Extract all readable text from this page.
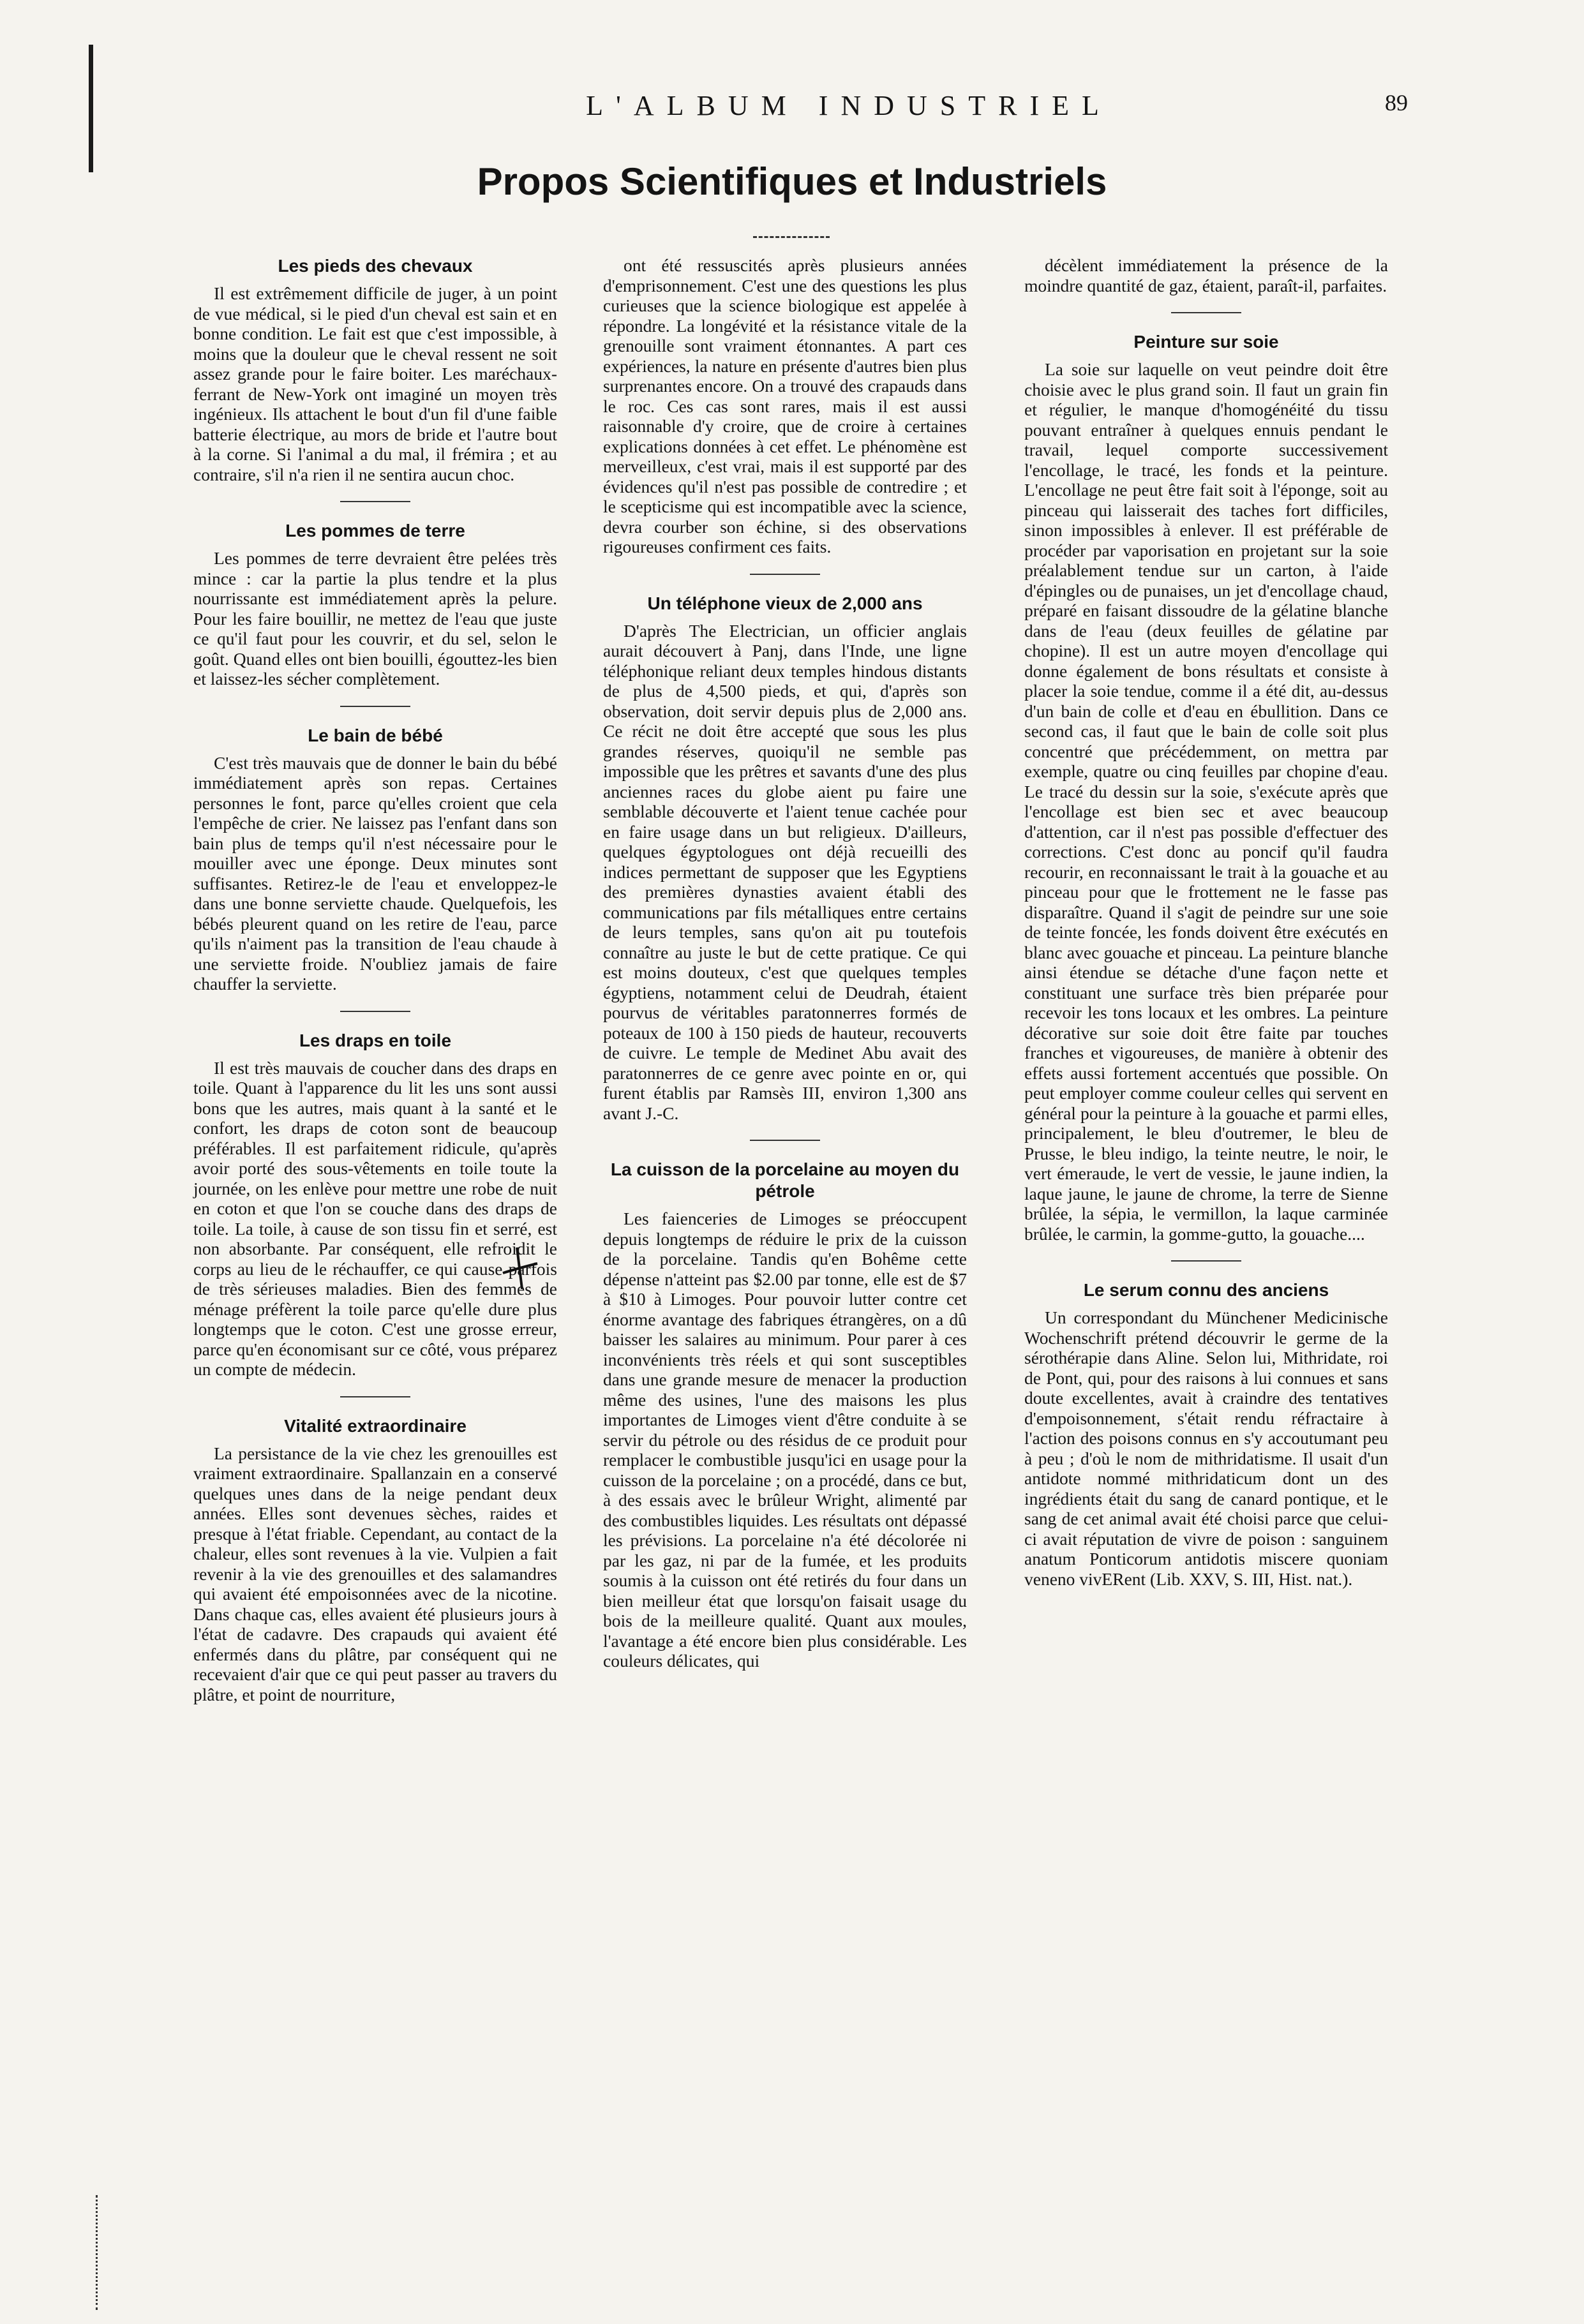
L'ALBUM INDUSTRIEL	89
Propos Scientifiques et Industriels
Les pieds des chevaux

Il est extrêmement difficile de juger, à un point de vue médical, si le pied d'un cheval est sain et en bonne condition. Le fait est que c'est impossible, à moins que la douleur que le cheval ressent ne soit assez grande pour le faire boiter. Les maréchaux-ferrant de New-York ont imaginé un moyen très ingénieux. Ils attachent le bout d'un fil d'une faible batterie électrique, au mors de bride et l'autre bout à la corne. Si l'animal a du mal, il frémira ; et au contraire, s'il n'a rien il ne sentira aucun choc.

Les pommes de terre

Les pommes de terre devraient être pelées très mince : car la partie la plus tendre et la plus nourrissante est immédiatement après la pelure. Pour les faire bouillir, ne mettez de l'eau que juste ce qu'il faut pour les couvrir, et du sel, selon le goût. Quand elles ont bien bouilli, égouttez-les bien et laissez-les sécher complètement.

Le bain de bébé

C'est très mauvais que de donner le bain du bébé immédiatement après son repas. Certaines personnes le font, parce qu'elles croient que cela l'empêche de crier. Ne laissez pas l'enfant dans son bain plus de temps qu'il n'est nécessaire pour le mouiller avec une éponge. Deux minutes sont suffisantes. Retirez-le de l'eau et enveloppez-le dans une bonne serviette chaude. Quelquefois, les bébés pleurent quand on les retire de l'eau, parce qu'ils n'aiment pas la transition de l'eau chaude à une serviette froide. N'oubliez jamais de faire chauffer la serviette.

Les draps en toile

Il est très mauvais de coucher dans des draps en toile. Quant à l'apparence du lit les uns sont aussi bons que les autres, mais quant à la santé et le confort, les draps de coton sont de beaucoup préférables. Il est parfaitement ridicule, qu'après avoir porté des sous-vêtements en toile toute la journée, on les enlève pour mettre une robe de nuit en coton et que l'on se couche dans des draps de toile. La toile, à cause de son tissu fin et serré, est non absorbante. Par conséquent, elle refroidit le corps au lieu de le réchauffer, ce qui cause parfois de très sérieuses maladies. Bien des femmes de ménage préfèrent la toile parce qu'elle dure plus longtemps que le coton. C'est une grosse erreur, parce qu'en économisant sur ce côté, vous préparez un compte de médecin.

Vitalité extraordinaire

La persistance de la vie chez les grenouilles est vraiment extraordinaire. Spallanzain en a conservé quelques unes dans de la neige pendant deux années. Elles sont devenues sèches, raides et presque à l'état friable. Cependant, au contact de la chaleur, elles sont revenues à la vie. Vulpien a fait revenir à la vie des grenouilles et des salamandres qui avaient été empoisonnées avec de la nicotine. Dans chaque cas, elles avaient été plusieurs jours à l'état de cadavre. Des crapauds qui avaient été enfermés dans du plâtre, par conséquent qui ne recevaient d'air que ce qui peut passer au travers du plâtre, et point de nourriture,

ont été ressuscités après plusieurs années d'emprisonnement. C'est une des questions les plus curieuses que la science biologique est appelée à répondre. La longévité et la résistance vitale de la grenouille sont vraiment étonnantes. A part ces expériences, la nature en présente d'autres bien plus surprenantes encore. On a trouvé des crapauds dans le roc. Ces cas sont rares, mais il est aussi raisonnable d'y croire, que de croire à certaines explications données à cet effet. Le phénomène est merveilleux, c'est vrai, mais il est supporté par des évidences qu'il n'est pas possible de contredire ; et le scepticisme qui est incompatible avec la science, devra courber son échine, si des observations rigoureuses confirment ces faits.

Un téléphone vieux de 2,000 ans

D'après The Electrician, un officier anglais aurait découvert à Panj, dans l'Inde, une ligne téléphonique reliant deux temples hindous distants de plus de 4,500 pieds, et qui, d'après son observation, doit servir depuis plus de 2,000 ans. Ce récit ne doit être accepté que sous les plus grandes réserves, quoiqu'il ne semble pas impossible que les prêtres et savants d'une des plus anciennes races du globe aient pu faire une semblable découverte et l'aient tenue cachée pour en faire usage dans un but religieux. D'ailleurs, quelques égyptologues ont déjà recueilli des indices permettant de supposer que les Egyptiens des premières dynasties avaient établi des communications par fils métalliques entre certains de leurs temples, sans qu'on ait pu toutefois connaître au juste le but de cette pratique. Ce qui est moins douteux, c'est que quelques temples égyptiens, notamment celui de Deudrah, étaient pourvus de véritables paratonnerres formés de poteaux de 100 à 150 pieds de hauteur, recouverts de cuivre. Le temple de Medinet Abu avait des paratonnerres de ce genre avec pointe en or, qui furent établis par Ramsès III, environ 1,300 ans avant J.-C.

La cuisson de la porcelaine au moyen du pétrole

Les faienceries de Limoges se préoccupent depuis longtemps de réduire le prix de la cuisson de la porcelaine. Tandis qu'en Bohême cette dépense n'atteint pas $2.00 par tonne, elle est de $7 à $10 à Limoges. Pour pouvoir lutter contre cet énorme avantage des fabriques étrangères, on a dû baisser les salaires au minimum. Pour parer à ces inconvénients très réels et qui sont susceptibles dans une grande mesure de menacer la production même des usines, l'une des maisons les plus importantes de Limoges vient d'être conduite à se servir du pétrole ou des résidus de ce produit pour remplacer le combustible jusqu'ici en usage pour la cuisson de la porcelaine ; on a procédé, dans ce but, à des essais avec le brûleur Wright, alimenté par des combustibles liquides. Les résultats ont dépassé les prévisions. La porcelaine n'a été décolorée ni par les gaz, ni par de la fumée, et les produits soumis à la cuisson ont été retirés du four dans un bien meilleur état que lorsqu'on faisait usage du bois de la meilleure qualité. Quant aux moules, l'avantage a été encore bien plus considérable. Les couleurs délicates, qui

décèlent immédiatement la présence de la moindre quantité de gaz, étaient, paraît-il, parfaites.

Peinture sur soie

La soie sur laquelle on veut peindre doit être choisie avec le plus grand soin. Il faut un grain fin et régulier, le manque d'homogénéité du tissu pouvant entraîner à quelques ennuis pendant le travail, lequel comporte successivement l'encollage, le tracé, les fonds et la peinture. L'encollage ne peut être fait soit à l'éponge, soit au pinceau qui laisserait des taches fort difficiles, sinon impossibles à enlever. Il est préférable de procéder par vaporisation en projetant sur la soie préalablement tendue sur un carton, à l'aide d'épingles ou de punaises, un jet d'encollage chaud, préparé en faisant dissoudre de la gélatine blanche dans de l'eau (deux feuilles de gélatine par chopine). Il est un autre moyen d'encollage qui donne également de bons résultats et consiste à placer la soie tendue, comme il a été dit, au-dessus d'un bain de colle et d'eau en ébullition. Dans ce second cas, il faut que le bain de colle soit plus concentré que précédemment, on mettra par exemple, quatre ou cinq feuilles par chopine d'eau. Le tracé du dessin sur la soie, s'exécute après que l'encollage est bien sec et avec beaucoup d'attention, car il n'est pas possible d'effectuer des corrections. C'est donc au poncif qu'il faudra recourir, en reconnaissant le trait à la gouache et au pinceau pour que le frottement ne le fasse pas disparaître. Quand il s'agit de peindre sur une soie de teinte foncée, les fonds doivent être exécutés en blanc avec gouache et pinceau. La peinture blanche ainsi étendue se détache d'une façon nette et constituant une surface très bien préparée pour recevoir les tons locaux et les ombres. La peinture décorative sur soie doit être faite par touches franches et vigoureuses, de manière à obtenir des effets aussi fortement accentués que possible. On peut employer comme couleur celles qui servent en général pour la peinture à la gouache et parmi elles, principalement, le bleu d'outremer, le bleu de Prusse, le bleu indigo, la teinte neutre, le noir, le vert émeraude, le vert de vessie, le jaune indien, la laque jaune, le jaune de chrome, la terre de Sienne brûlée, la sépia, le vermillon, la laque carminée brûlée, le carmin, la gomme-gutto, la gouache....

Le serum connu des anciens

Un correspondant du Münchener Medicinische Wochenschrift prétend découvrir le germe de la sérothérapie dans Aline. Selon lui, Mithridate, roi de Pont, qui, pour des raisons à lui connues et sans doute excellentes, avait à craindre des tentatives d'empoisonnement, s'était rendu réfractaire à l'action des poisons connus en s'y accoutumant peu à peu ; d'où le nom de mithridatisme. Il usait d'un antidote nommé mithridaticum dont un des ingrédients était du sang de canard pontique, et le sang de cet animal avait été choisi parce que celui-ci avait réputation de vivre de poison : sanguinem anatum Ponticorum antidotis miscere quoniam veneno vivERent (Lib. XXV, S. III, Hist. nat.).
